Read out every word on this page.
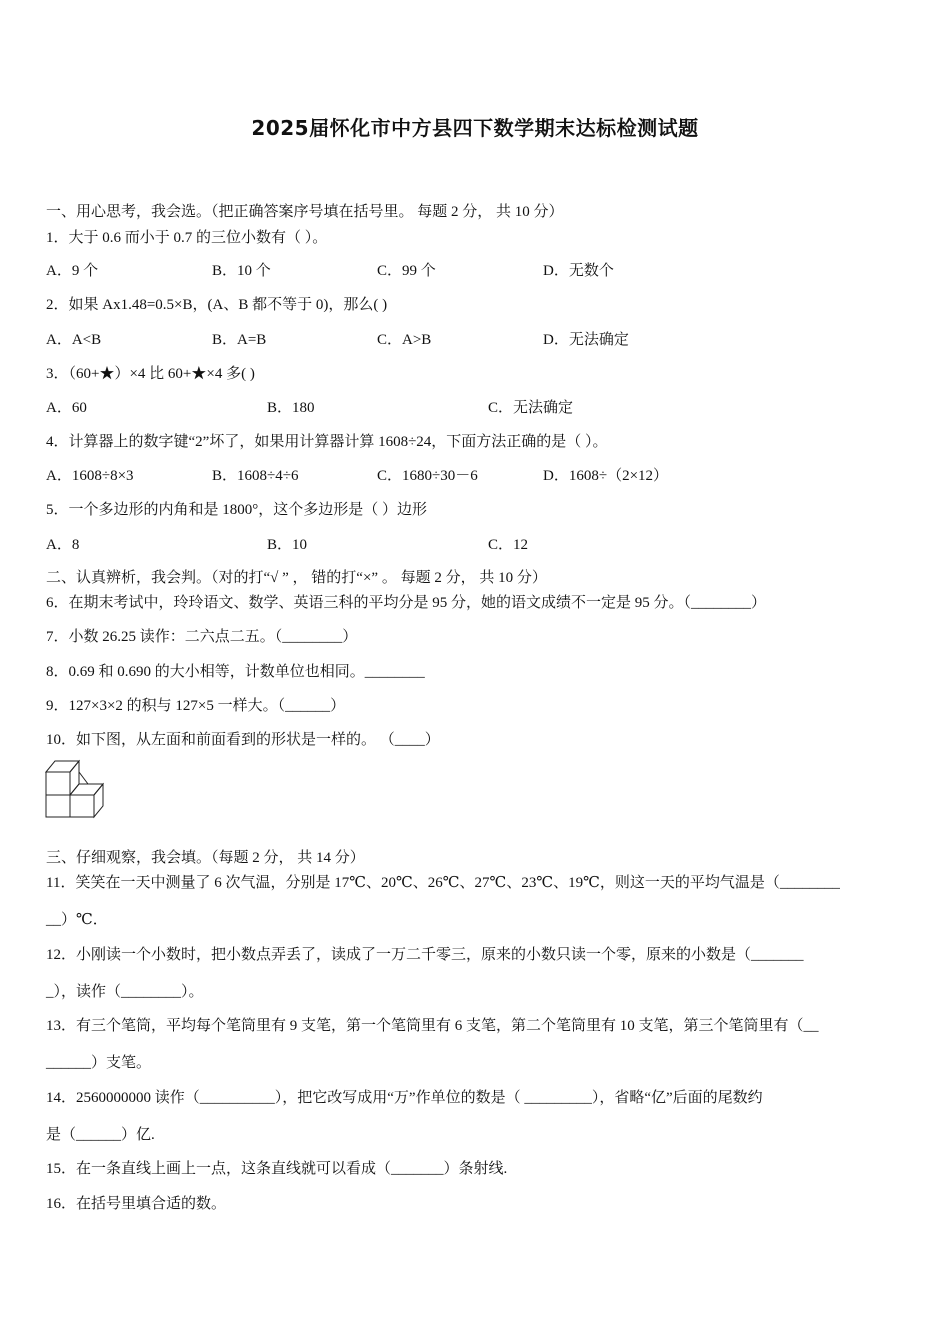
2025届怀化市中方县四下数学期末达标检测试题
一、用心思考，我会选。（把正确答案序号填在括号里。 每题 2 分， 共 10 分）
1．大于 0.6 而小于 0.7 的三位小数有（ ）。
A．9 个	B．10 个	C．99 个	D．无数个
2．如果 Ax1.48=0.5×B，(A、B 都不等于 0)，那么( )
A．A<B	B．A=B	C．A>B	D．无法确定
3．（60+★）×4 比 60+★×4 多( )
A．60	B．180	C．无法确定
4．计算器上的数字键“2”坏了，如果用计算器计算 1608÷24，下面方法正确的是（ ）。
A．1608÷8×3	B．1608÷4÷6	C．1680÷30－6	D．1608÷（2×12）
5．一个多边形的内角和是 1800°，这个多边形是（ ）边形
A．8	B．10	C．12
二、认真辨析，我会判。（对的打“√ ” ， 错的打“×” 。 每题 2 分， 共 10 分）
6．在期末考试中，玲玲语文、数学、英语三科的平均分是 95 分，她的语文成绩不一定是 95 分。（________）
7．小数 26.25 读作：二六点二五。（________）
8．0.69 和 0.690 的大小相等，计数单位也相同。________
9．127×3×2 的积与 127×5 一样大。（______）
10．如下图，从左面和前面看到的形状是一样的。 （____）
三、仔细观察，我会填。（每题 2 分， 共 14 分）
11．笑笑在一天中测量了 6 次气温，分别是 17℃、20℃、26℃、27℃、23℃、19℃，则这一天的平均气温是（________
__）℃．
12．小刚读一个小数时，把小数点弄丢了，读成了一万二千零三，原来的小数只读一个零，原来的小数是（_______
_），读作（________）。
13．有三个笔筒，平均每个笔筒里有 9 支笔，第一个笔筒里有 6 支笔，第二个笔筒里有 10 支笔，第三个笔筒里有（__
______）支笔。
14．2560000000 读作（__________），把它改写成用“万”作单位的数是（ _________），省略“亿”后面的尾数约
是（______）亿.
15．在一条直线上画上一点，这条直线就可以看成（_______）条射线.
16．在括号里填合适的数。
